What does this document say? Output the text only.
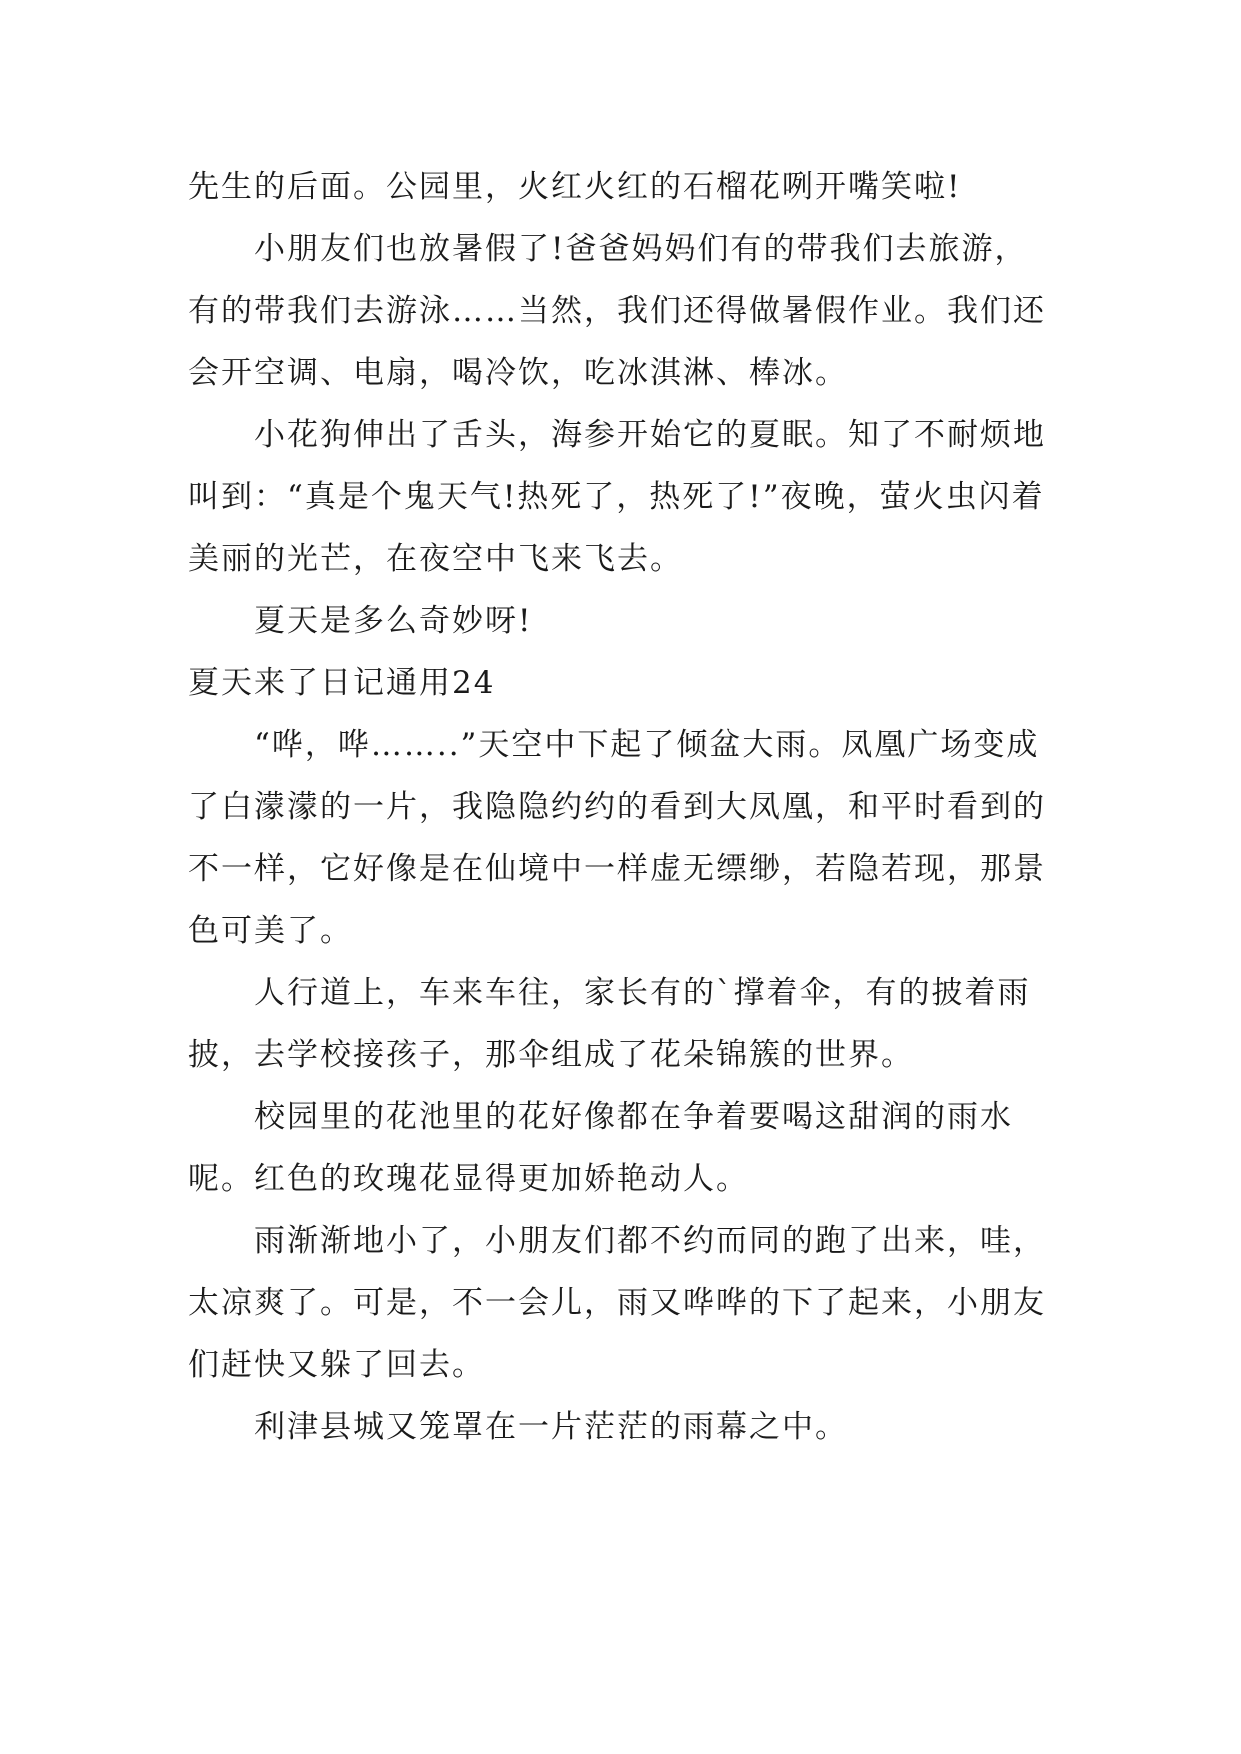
先生的后面。公园里，火红火红的石榴花咧开嘴笑啦!

小朋友们也放暑假了!爸爸妈妈们有的带我们去旅游，有的带我们去游泳……当然，我们还得做暑假作业。我们还会开空调、电扇，喝冷饮，吃冰淇淋、棒冰。

小花狗伸出了舌头，海参开始它的夏眠。知了不耐烦地叫到：“真是个鬼天气!热死了，热死了!”夜晚，萤火虫闪着美丽的光芒，在夜空中飞来飞去。

夏天是多么奇妙呀!

夏天来了日记通用24

“哗，哗……..”天空中下起了倾盆大雨。凤凰广场变成了白濛濛的一片，我隐隐约约的看到大凤凰，和平时看到的不一样，它好像是在仙境中一样虚无缥缈，若隐若现，那景色可美了。

人行道上，车来车往，家长有的`撑着伞，有的披着雨披，去学校接孩子，那伞组成了花朵锦簇的世界。

校园里的花池里的花好像都在争着要喝这甜润的雨水呢。红色的玫瑰花显得更加娇艳动人。

雨渐渐地小了，小朋友们都不约而同的跑了出来，哇，太凉爽了。可是，不一会儿，雨又哗哗的下了起来，小朋友们赶快又躲了回去。

利津县城又笼罩在一片茫茫的雨幕之中。
